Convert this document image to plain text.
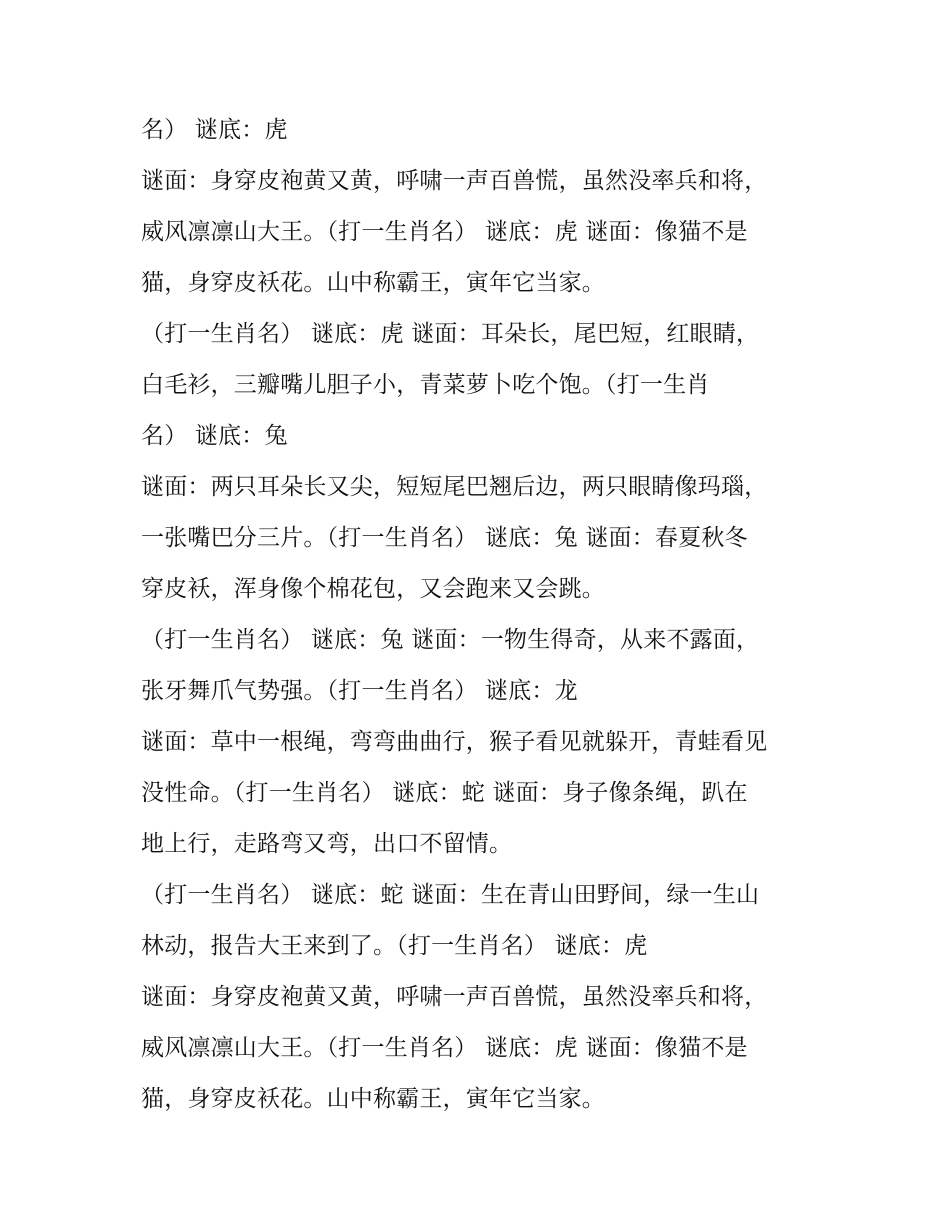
名） 谜底：虎
谜面：身穿皮袍黄又黄，呼啸一声百兽慌，虽然没率兵和将，
威风凛凛山大王。（打一生肖名） 谜底：虎 谜面：像猫不是
猫，身穿皮袄花。山中称霸王，寅年它当家。
（打一生肖名） 谜底：虎 谜面：耳朵长，尾巴短，红眼睛，
白毛衫，三瓣嘴儿胆子小，青菜萝卜吃个饱。（打一生肖
名） 谜底：兔
谜面：两只耳朵长又尖，短短尾巴翘后边，两只眼睛像玛瑙，
一张嘴巴分三片。（打一生肖名） 谜底：兔 谜面：春夏秋冬
穿皮袄，浑身像个棉花包，又会跑来又会跳。
（打一生肖名） 谜底：兔 谜面：一物生得奇，从来不露面，
张牙舞爪气势强。（打一生肖名） 谜底：龙
谜面：草中一根绳，弯弯曲曲行，猴子看见就躲开，青蛙看见
没性命。（打一生肖名） 谜底：蛇 谜面：身子像条绳，趴在
地上行，走路弯又弯，出口不留情。
（打一生肖名） 谜底：蛇 谜面：生在青山田野间，绿一生山
林动，报告大王来到了。（打一生肖名） 谜底：虎
谜面：身穿皮袍黄又黄，呼啸一声百兽慌，虽然没率兵和将，
威风凛凛山大王。（打一生肖名） 谜底：虎 谜面：像猫不是
猫，身穿皮袄花。山中称霸王，寅年它当家。
